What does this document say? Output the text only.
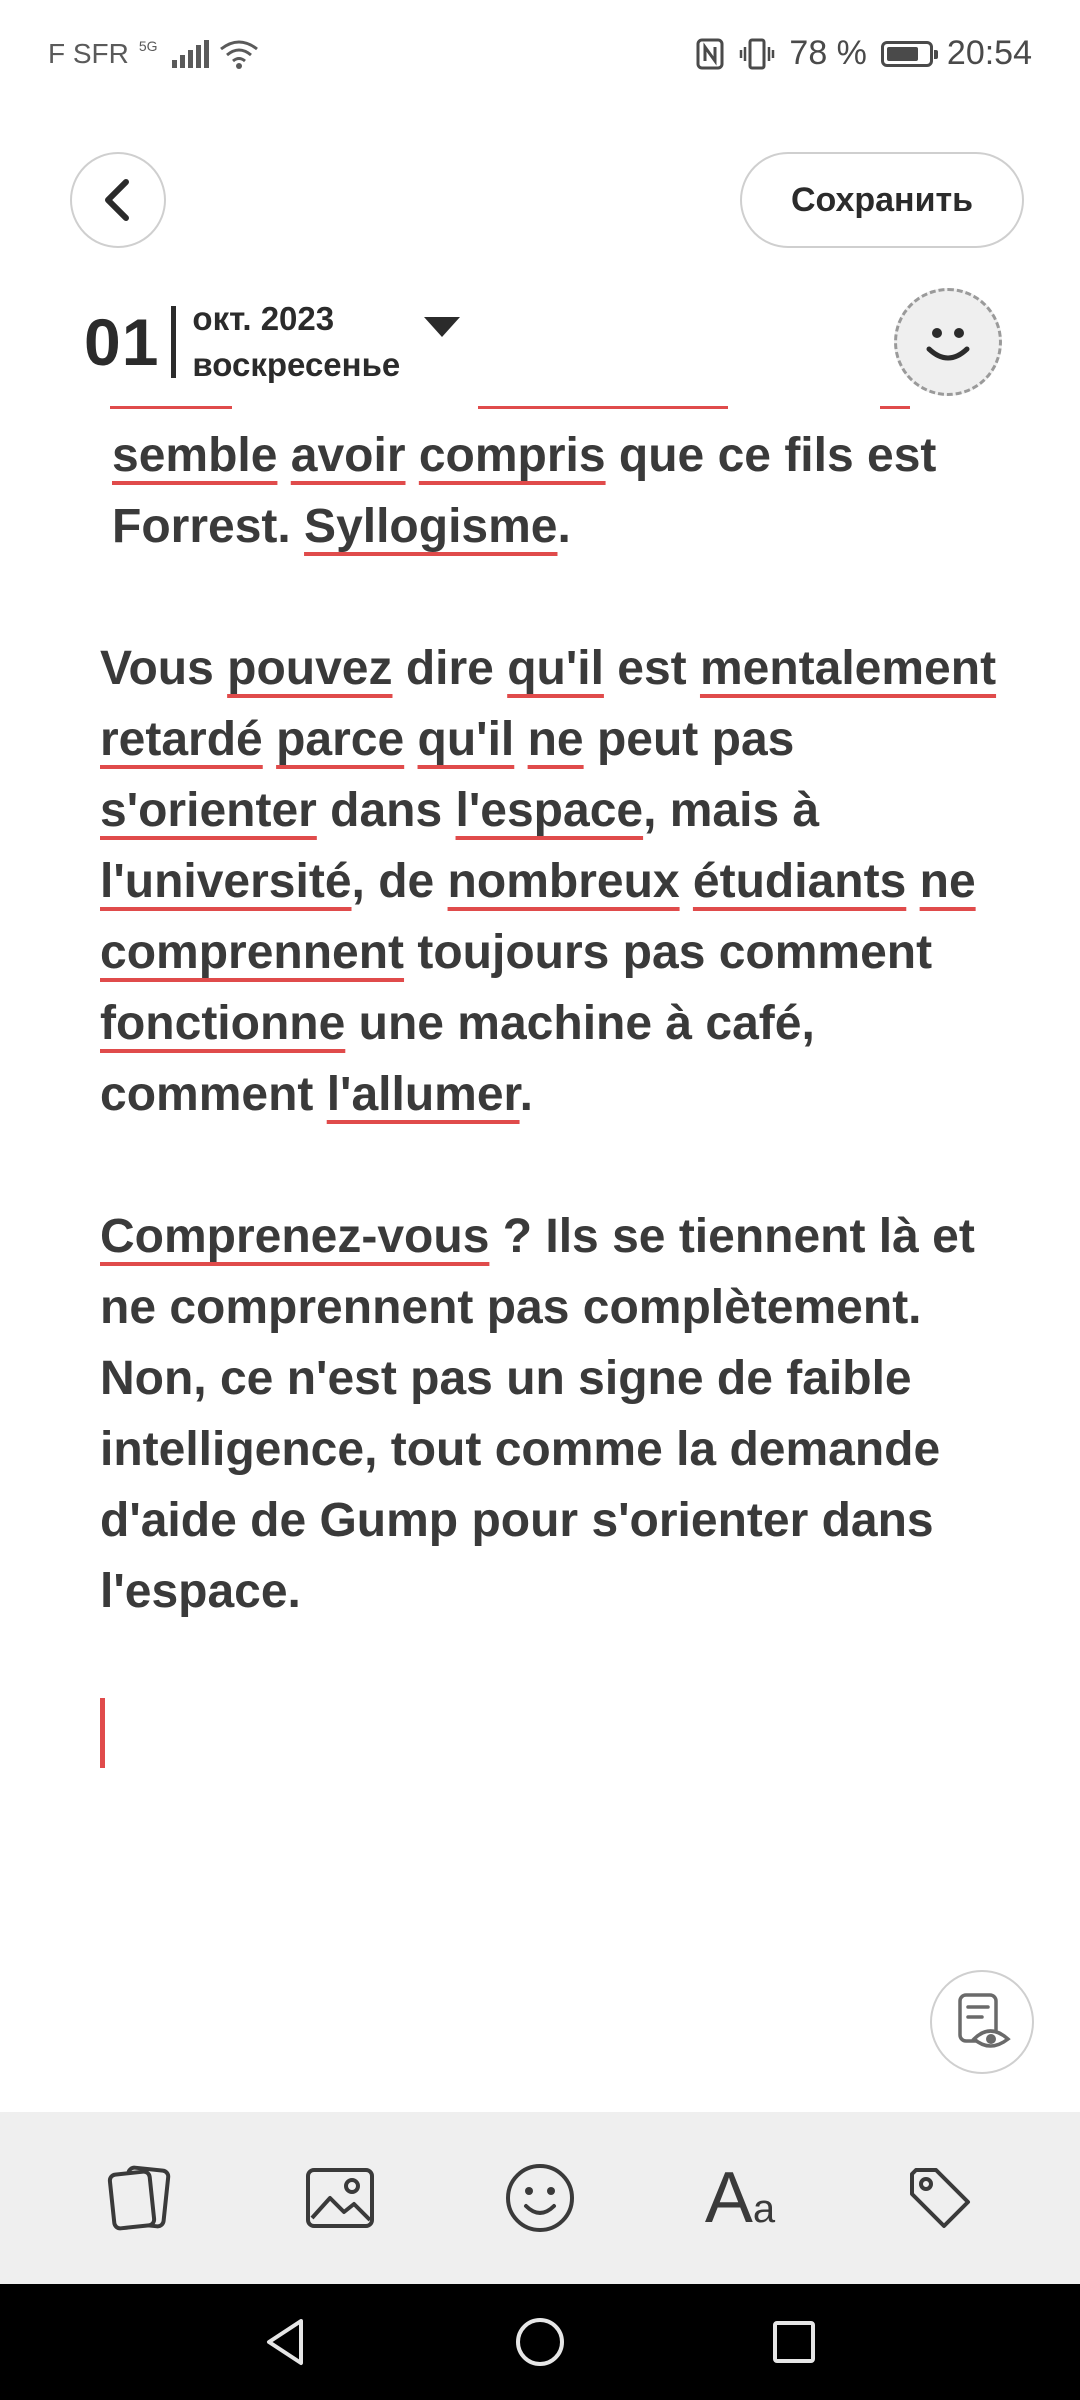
F SFR 5G	78 % 20:54
Сохранить
01 окт. 2023
воскресенье

semble avoir compris que ce fils est Forrest. Syllogisme.

Vous pouvez dire qu'il est mentalement retardé parce qu'il ne peut pas s'orienter dans l'espace, mais à l'université, de nombreux étudiants ne comprennent toujours pas comment fonctionne une machine à café, comment l'allumer.

Comprenez-vous ? Ils se tiennent là et ne comprennent pas complètement. Non, ce n'est pas un signe de faible intelligence, tout comme la demande d'aide de Gump pour s'orienter dans l'espace.

Aa
